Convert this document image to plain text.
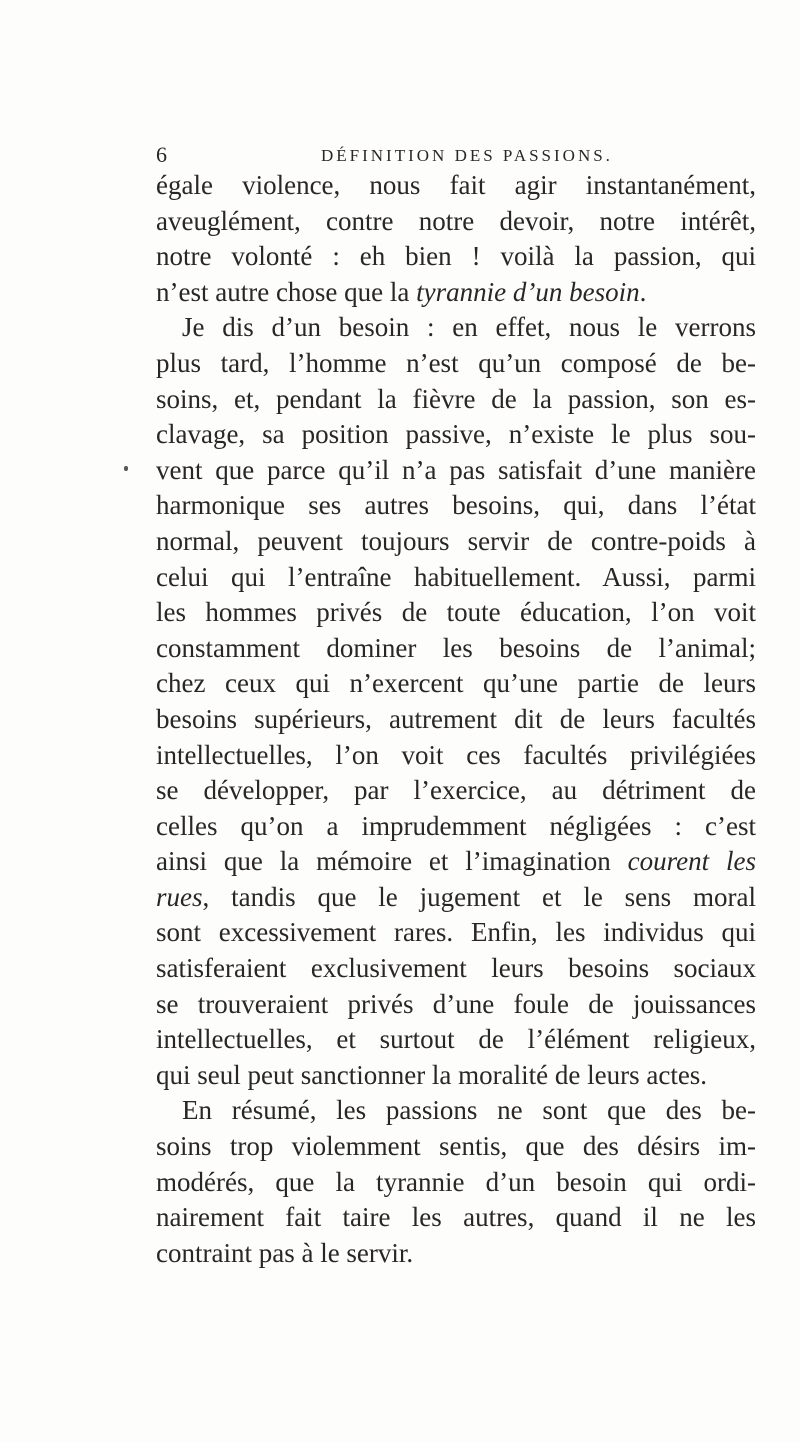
6	DÉFINITION DES PASSIONS.
égale violence, nous fait agir instantanément,
aveuglément, contre notre devoir, notre intérêt,
notre volonté : eh bien ! voilà la passion, qui
n’est autre chose que la tyrannie d’un besoin.
Je dis d’un besoin : en effet, nous le verrons
plus tard, l’homme n’est qu’un composé de be-
soins, et, pendant la fièvre de la passion, son es-
clavage, sa position passive, n’existe le plus sou-
vent que parce qu’il n’a pas satisfait d’une manière
harmonique ses autres besoins, qui, dans l’état
normal, peuvent toujours servir de contre-poids à
celui qui l’entraîne habituellement. Aussi, parmi
les hommes privés de toute éducation, l’on voit
constamment dominer les besoins de l’animal;
chez ceux qui n’exercent qu’une partie de leurs
besoins supérieurs, autrement dit de leurs facultés
intellectuelles, l’on voit ces facultés privilégiées
se développer, par l’exercice, au détriment de
celles qu’on a imprudemment négligées : c’est
ainsi que la mémoire et l’imagination courent les
rues, tandis que le jugement et le sens moral
sont excessivement rares. Enfin, les individus qui
satisferaient exclusivement leurs besoins sociaux
se trouveraient privés d’une foule de jouissances
intellectuelles, et surtout de l’élément religieux,
qui seul peut sanctionner la moralité de leurs actes.
En résumé, les passions ne sont que des be-
soins trop violemment sentis, que des désirs im-
modérés, que la tyrannie d’un besoin qui ordi-
nairement fait taire les autres, quand il ne les
contraint pas à le servir.
